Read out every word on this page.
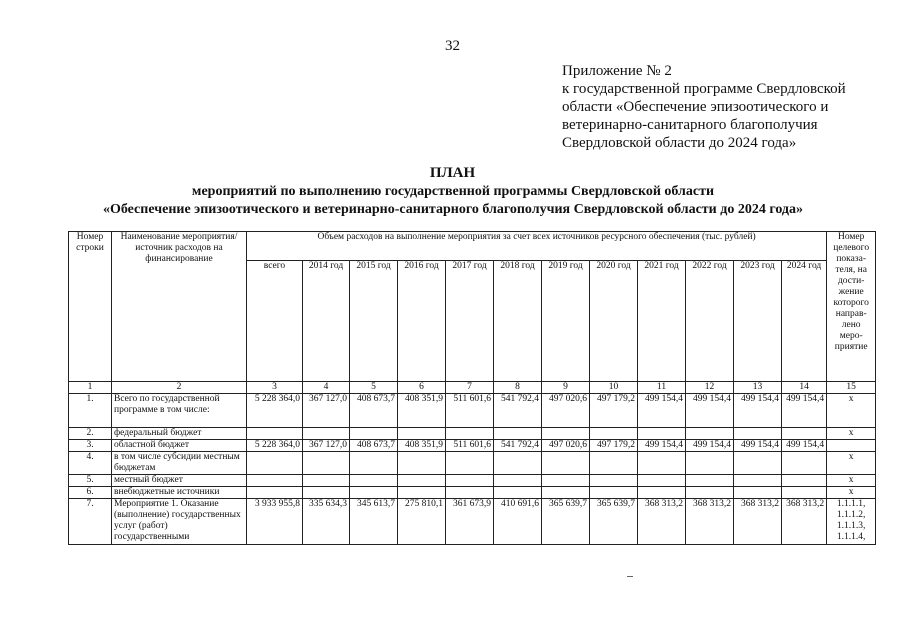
32
Приложение № 2
к государственной программе Свердловской
области «Обеспечение эпизоотического и
ветеринарно-санитарного благополучия
Свердловской области до 2024 года»
ПЛАН
мероприятий по выполнению государственной программы Свердловской области
«Обеспечение эпизоотического и ветеринарно-санитарного благополучия Свердловской области до 2024 года»
Номер строки	Наименование мероприятия/ источник расходов на финансирование	Объем расходов на выполнение мероприятия за счет всех источников ресурсного обеспечения (тыс. рублей)												Номер целевого показа-теля, на дости-жение которого направ-лено меро-приятие
		всего	2014 год	2015 год	2016 год	2017 год	2018 год	2019 год	2020 год	2021 год	2022 год	2023 год	2024 год	
1	2	3	4	5	6	7	8	9	10	11	12	13	14	15
1.	Всего по государственной программе в том числе:	5 228 364,0	367 127,0	408 673,7	408 351,9	511 601,6	541 792,4	497 020,6	497 179,2	499 154,4	499 154,4	499 154,4	499 154,4	х
2.	федеральный бюджет													х
3.	областной бюджет	5 228 364,0	367 127,0	408 673,7	408 351,9	511 601,6	541 792,4	497 020,6	497 179,2	499 154,4	499 154,4	499 154,4	499 154,4	
4.	в том числе субсидии местным бюджетам													х
5.	местный бюджет													х
6.	внебюджетные источники													х
7.	Мероприятие 1. Оказание (выполнение) государственных услуг (работ) государственными	3 933 955,8	335 634,3	345 613,7	275 810,1	361 673,9	410 691,6	365 639,7	365 639,7	368 313,2	368 313,2	368 313,2	368 313,2	1.1.1.1, 1.1.1.2, 1.1.1.3, 1.1.1.4,
